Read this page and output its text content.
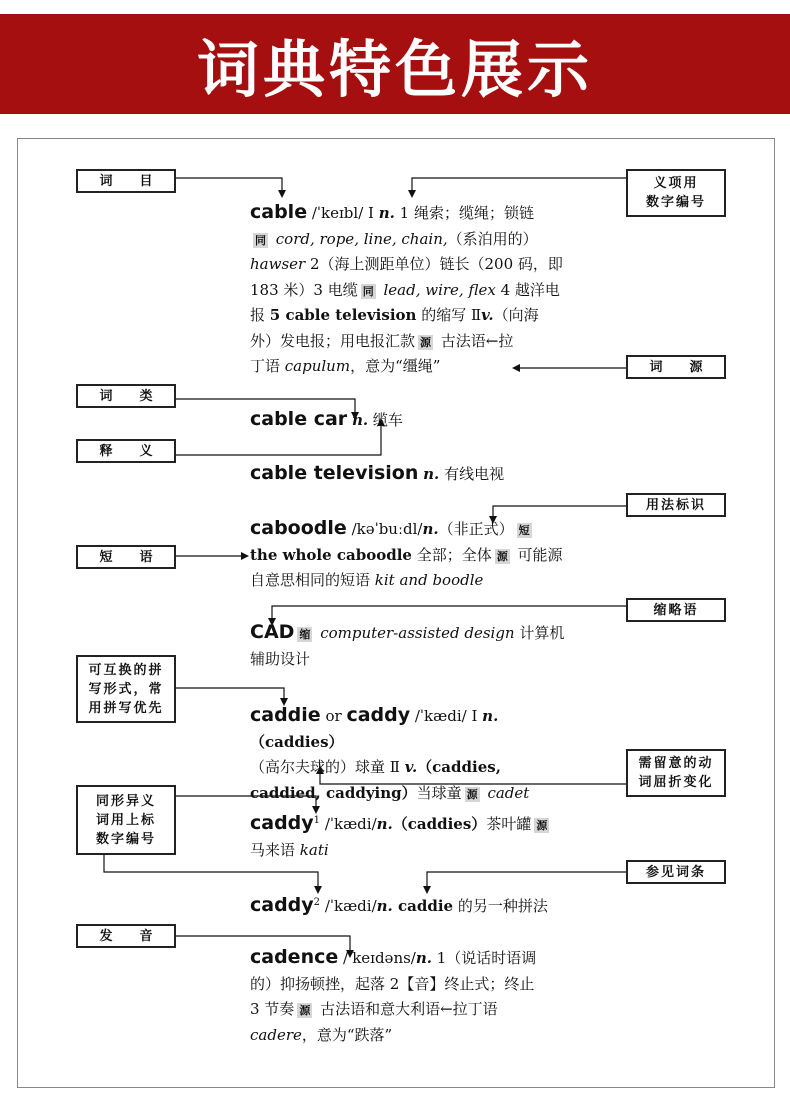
词典特色展示
词 目	义项用
数字编号
词 源
词 类
释 义
用法标识
短 语
缩略语
可互换的拼
写形式，常
用拼写优先
需留意的动
词屈折变化
同形异义
词用上标
数字编号
参见词条
发 音
cable /ˈkeɪbl/ Ⅰ n. 1 绳索；缆绳；锁链
同 cord, rope, line, chain,（系泊用的）
hawser 2（海上测距单位）链长（200 码，即
183 米）3 电缆 同 lead, wire, flex 4 越洋电
报 5 cable television 的缩写 Ⅱv.（向海
外）发电报；用电报汇款 源 古法语←拉
丁语 capulum，意为“缰绳”
cable car n. 缆车
cable television n. 有线电视
caboodle /kəˈbuːdl/n.（非正式） 短
the whole caboodle 全部；全体 源 可能源
自意思相同的短语 kit and boodle
CAD 缩 computer-assisted design 计算机
辅助设计
caddie or caddy /ˈkædi/ Ⅰ n.（caddies）
（高尔夫球的）球童 Ⅱ v.（caddies,
caddied, caddying）当球童 源 cadet
caddy$^1$ /ˈkædi/n.（caddies）茶叶罐 源
马来语 kati
caddy$^2$ /ˈkædi/n. caddie 的另一种拼法
cadence /ˈkeɪdəns/n. 1（说话时语调
的）抑扬顿挫，起落 2【音】终止式；终止
3 节奏 源 古法语和意大利语←拉丁语
cadere，意为“跌落”
